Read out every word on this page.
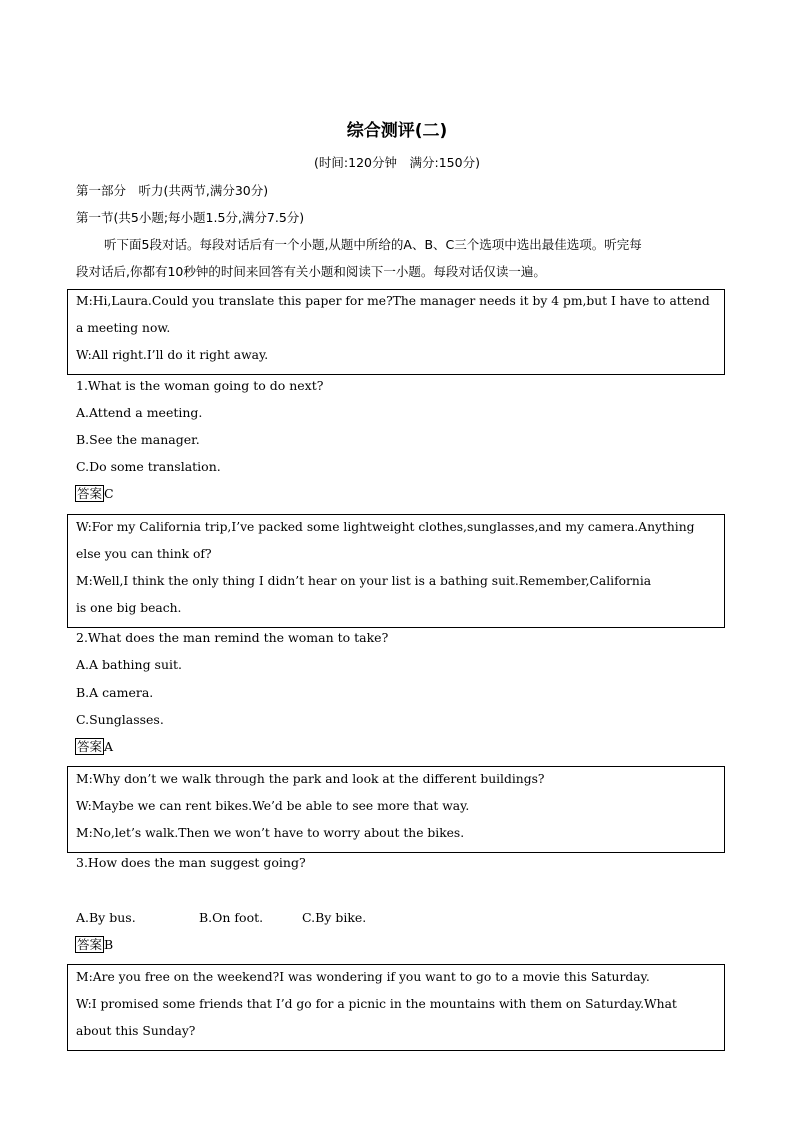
综合测评(二)
(时间:120分钟　满分:150分)
第一部分　听力(共两节,满分30分)
第一节(共5小题;每小题1.5分,满分7.5分)
听下面5段对话。每段对话后有一个小题,从题中所给的A、B、C三个选项中选出最佳选项。听完每
段对话后,你都有10秒钟的时间来回答有关小题和阅读下一小题。每段对话仅读一遍。
M:Hi,Laura.Could you translate this paper for me?The manager needs it by 4 pm,but I have to attend
a meeting now.
W:All right.I’ll do it right away.
1.What is the woman going to do next?
A.Attend a meeting.
B.See the manager.
C.Do some translation.
答案 C
W:For my California trip,I’ve packed some lightweight clothes,sunglasses,and my camera.Anything
else you can think of?
M:Well,I think the only thing I didn’t hear on your list is a bathing suit.Remember,California
is one big beach.
2.What does the man remind the woman to take?
A.A bathing suit.
B.A camera.
C.Sunglasses.
答案 A
M:Why don’t we walk through the park and look at the different buildings?
W:Maybe we can rent bikes.We’d be able to see more that way.
M:No,let’s walk.Then we won’t have to worry about the bikes.
3.How does the man suggest going?
A.By bus.	B.On foot.	C.By bike.
答案 B
M:Are you free on the weekend?I was wondering if you want to go to a movie this Saturday.
W:I promised some friends that I’d go for a picnic in the mountains with them on Saturday.What
about this Sunday?
